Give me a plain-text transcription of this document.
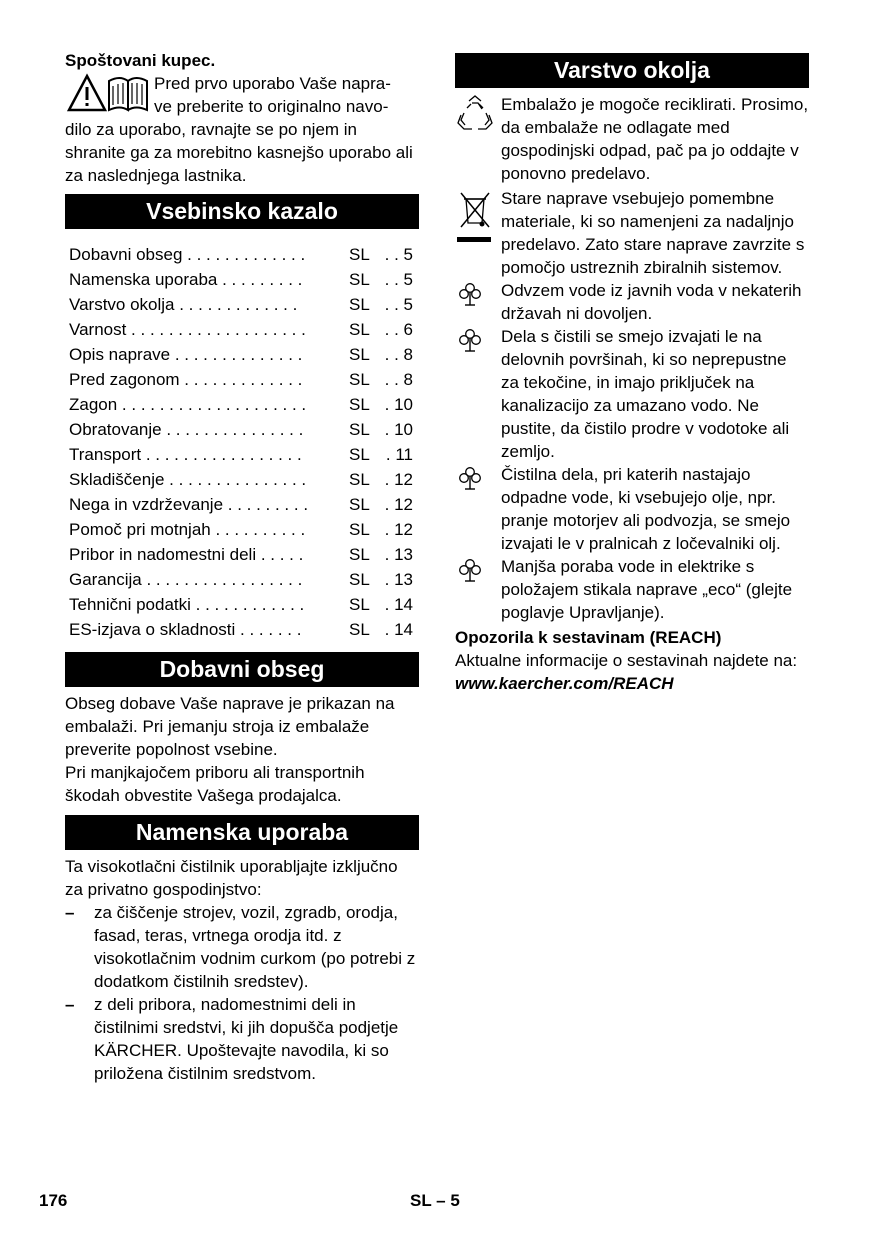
Spoštovani kupec.

Pred prvo uporabo Vaše napra-

ve preberite to originalno navo-

dilo za uporabo, ravnajte se po njem in shranite ga za morebitno kasnejšo uporabo ali za naslednjega lastnika.

Vsebinsko kazalo
Dobavni obseg . . . . . . . . . . . . .	SL . . 5
Namenska uporaba . . . . . . . . .	SL . . 5
Varstvo okolja . . . . . . . . . . . . .	SL . . 5
Varnost . . . . . . . . . . . . . . . . . . .	SL . . 6
Opis naprave . . . . . . . . . . . . . .	SL . . 8
Pred zagonom . . . . . . . . . . . . .	SL . . 8
Zagon . . . . . . . . . . . . . . . . . . . .	SL . 10
Obratovanje . . . . . . . . . . . . . . .	SL . 10
Transport . . . . . . . . . . . . . . . . .	SL . 11
Skladiščenje . . . . . . . . . . . . . . .	SL . 12
Nega in vzdrževanje . . . . . . . . .	SL . 12
Pomoč pri motnjah . . . . . . . . . .	SL . 12
Pribor in nadomestni deli . . . . .	SL . 13
Garancija . . . . . . . . . . . . . . . . .	SL . 13
Tehnični podatki . . . . . . . . . . . .	SL . 14
ES-izjava o skladnosti . . . . . . .	SL . 14
Dobavni obseg

Obseg dobave Vaše naprave je prikazan na embalaži. Pri jemanju stroja iz embalaže preverite popolnost vsebine.

Pri manjkajočem priboru ali transportnih škodah obvestite Vašega prodajalca.

Namenska uporaba

Ta visokotlačni čistilnik uporabljajte izključno za privatno gospodinjstvo:

–	za čiščenje strojev, vozil, zgradb, orodja, fasad, teras, vrtnega orodja itd. z visokotlačnim vodnim curkom (po potrebi z dodatkom čistilnih sredstev).
–	z deli pribora, nadomestnimi deli in čistilnimi sredstvi, ki jih dopušča podjetje KÄRCHER. Upoštevajte navodila, ki so priložena čistilnim sredstvom.
Varstvo okolja
Embalažo je mogoče reciklirati. Prosimo, da embalaže ne odlagate med gospodinjski odpad, pač pa jo oddajte v ponovno predelavo.
Stare naprave vsebujejo pomembne materiale, ki so namenjeni za nadaljnjo predelavo. Zato stare naprave zavrzite s pomočjo ustreznih zbiralnih sistemov.
Odvzem vode iz javnih voda v nekaterih državah ni dovoljen.
Dela s čistili se smejo izvajati le na delovnih površinah, ki so neprepustne za tekočine, in imajo priključek na kanalizacijo za umazano vodo. Ne pustite, da čistilo prodre v vodotoke ali zemljo.
Čistilna dela, pri katerih nastajajo odpadne vode, ki vsebujejo olje, npr. pranje motorjev ali podvozja, se smejo izvajati le v pralnicah z ločevalniki olj.
Manjša poraba vode in elektrike s položajem stikala naprave „eco“ (glejte poglavje Upravljanje).

Opozorila k sestavinam (REACH)

Aktualne informacije o sestavinah najdete na:

www.kaercher.com/REACH

176	SL – 5
